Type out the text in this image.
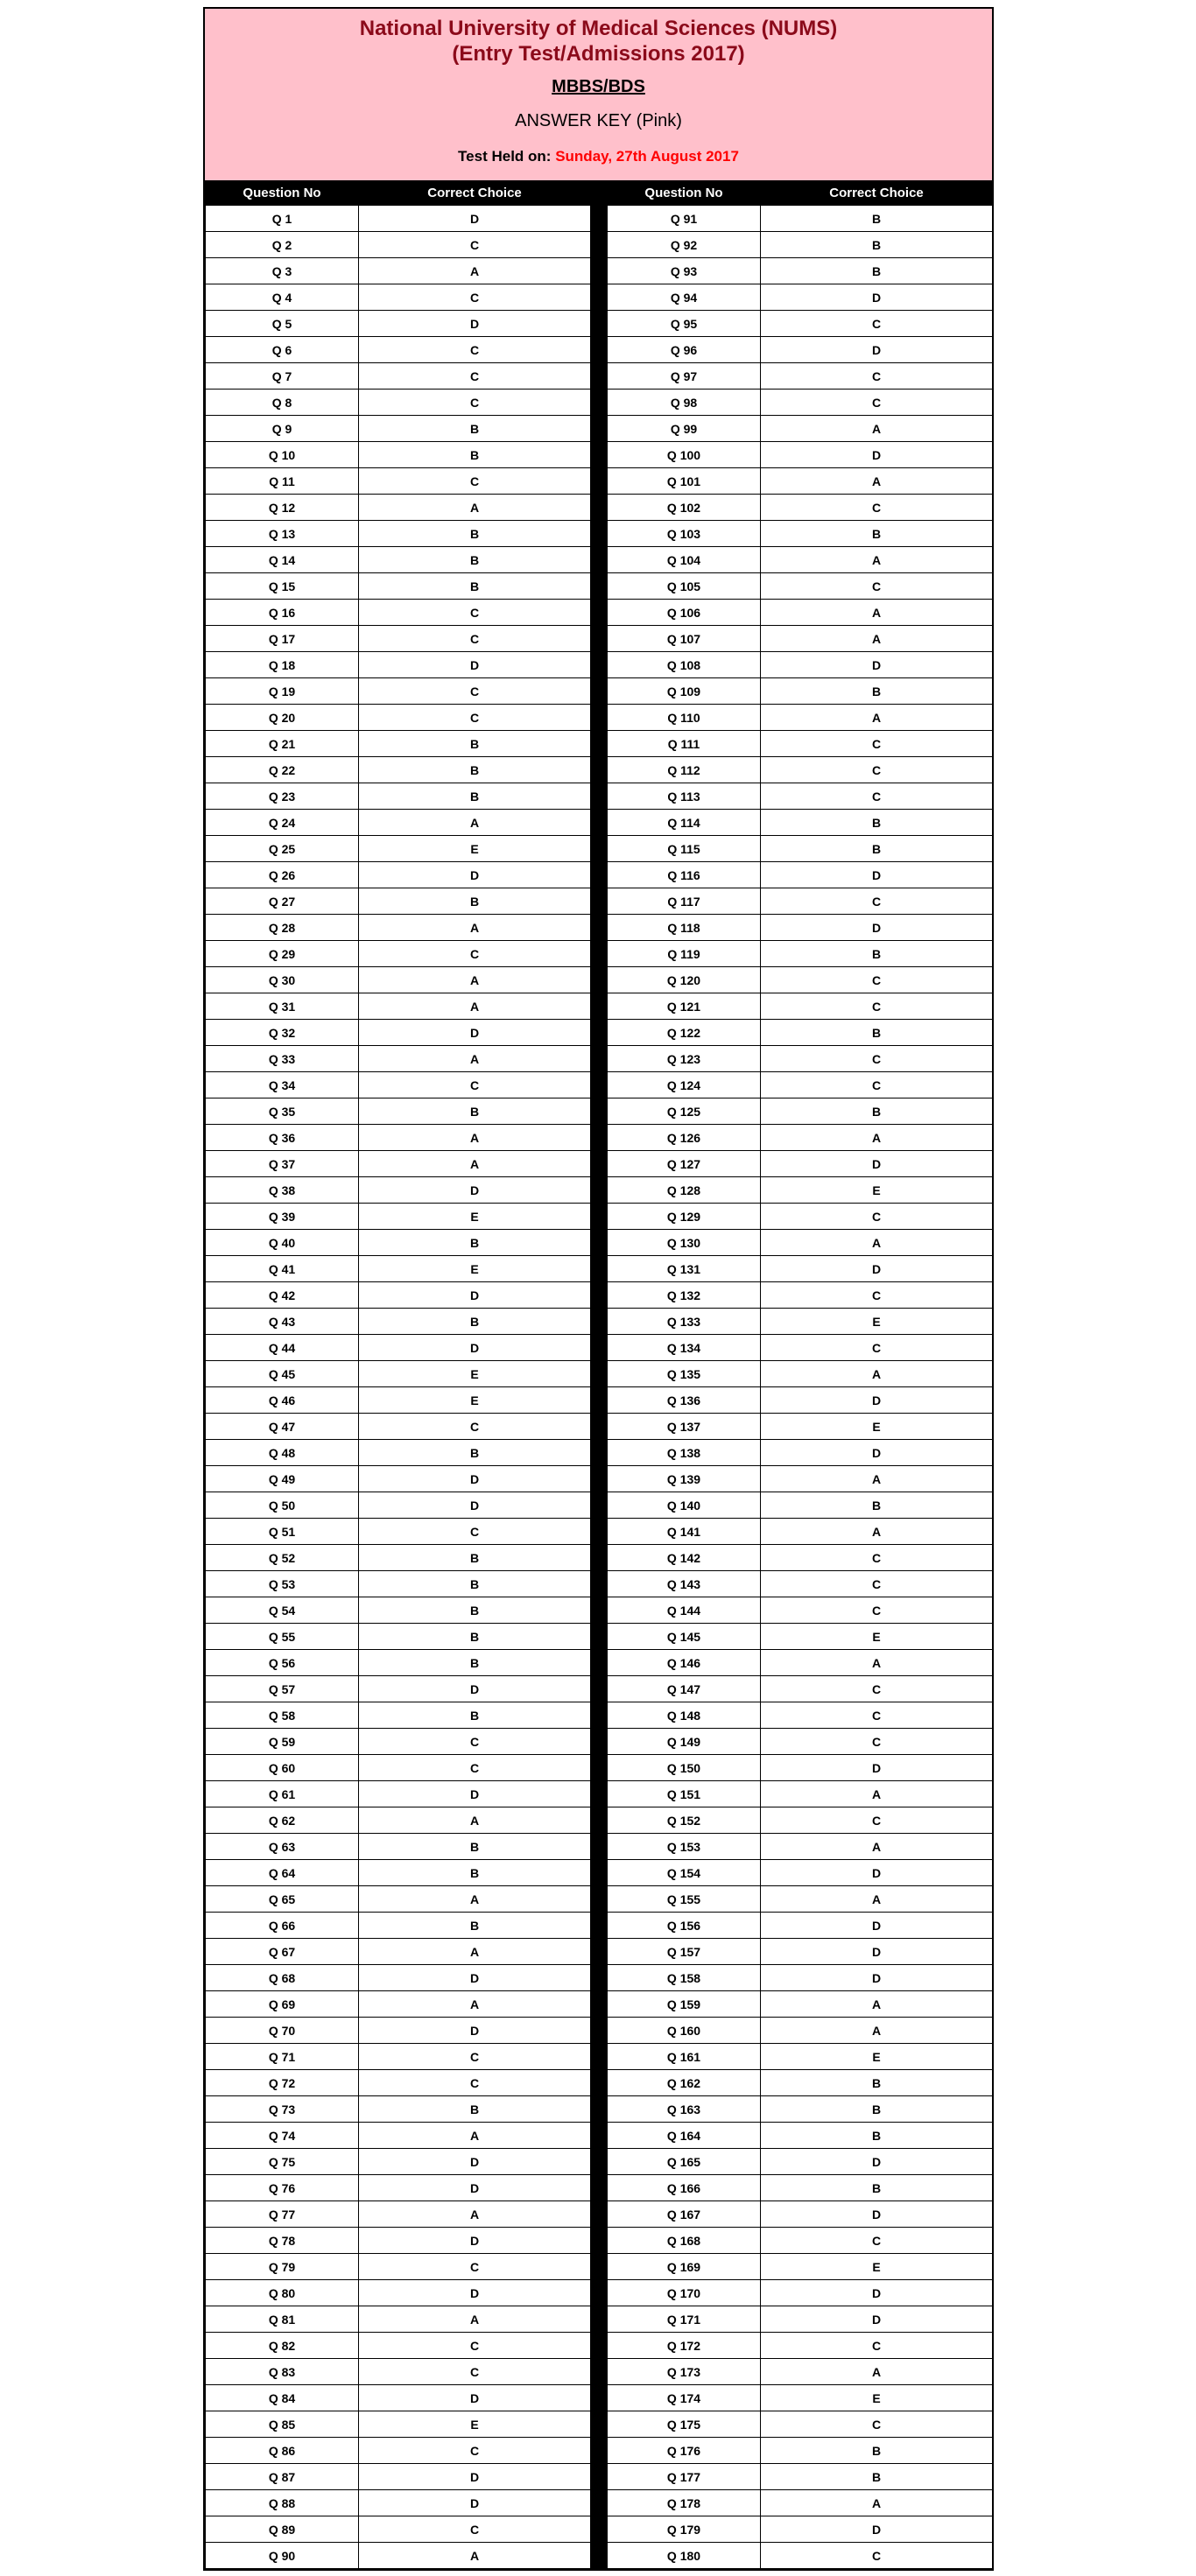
National University of Medical Sciences (NUMS)
(Entry Test/Admissions 2017)
MBBS/BDS
ANSWER KEY (Pink)
Test Held on: Sunday, 27th August 2017
Question No	Correct Choice		Question No	Correct Choice
Q 1	D		Q 91	B
Q 2	C		Q 92	B
Q 3	A		Q 93	B
Q 4	C		Q 94	D
Q 5	D		Q 95	C
Q 6	C		Q 96	D
Q 7	C		Q 97	C
Q 8	C		Q 98	C
Q 9	B		Q 99	A
Q 10	B		Q 100	D
Q 11	C		Q 101	A
Q 12	A		Q 102	C
Q 13	B		Q 103	B
Q 14	B		Q 104	A
Q 15	B		Q 105	C
Q 16	C		Q 106	A
Q 17	C		Q 107	A
Q 18	D		Q 108	D
Q 19	C		Q 109	B
Q 20	C		Q 110	A
Q 21	B		Q 111	C
Q 22	B		Q 112	C
Q 23	B		Q 113	C
Q 24	A		Q 114	B
Q 25	E		Q 115	B
Q 26	D		Q 116	D
Q 27	B		Q 117	C
Q 28	A		Q 118	D
Q 29	C		Q 119	B
Q 30	A		Q 120	C
Q 31	A		Q 121	C
Q 32	D		Q 122	B
Q 33	A		Q 123	C
Q 34	C		Q 124	C
Q 35	B		Q 125	B
Q 36	A		Q 126	A
Q 37	A		Q 127	D
Q 38	D		Q 128	E
Q 39	E		Q 129	C
Q 40	B		Q 130	A
Q 41	E		Q 131	D
Q 42	D		Q 132	C
Q 43	B		Q 133	E
Q 44	D		Q 134	C
Q 45	E		Q 135	A
Q 46	E		Q 136	D
Q 47	C		Q 137	E
Q 48	B		Q 138	D
Q 49	D		Q 139	A
Q 50	D		Q 140	B
Q 51	C		Q 141	A
Q 52	B		Q 142	C
Q 53	B		Q 143	C
Q 54	B		Q 144	C
Q 55	B		Q 145	E
Q 56	B		Q 146	A
Q 57	D		Q 147	C
Q 58	B		Q 148	C
Q 59	C		Q 149	C
Q 60	C		Q 150	D
Q 61	D		Q 151	A
Q 62	A		Q 152	C
Q 63	B		Q 153	A
Q 64	B		Q 154	D
Q 65	A		Q 155	A
Q 66	B		Q 156	D
Q 67	A		Q 157	D
Q 68	D		Q 158	D
Q 69	A		Q 159	A
Q 70	D		Q 160	A
Q 71	C		Q 161	E
Q 72	C		Q 162	B
Q 73	B		Q 163	B
Q 74	A		Q 164	B
Q 75	D		Q 165	D
Q 76	D		Q 166	B
Q 77	A		Q 167	D
Q 78	D		Q 168	C
Q 79	C		Q 169	E
Q 80	D		Q 170	D
Q 81	A		Q 171	D
Q 82	C		Q 172	C
Q 83	C		Q 173	A
Q 84	D		Q 174	E
Q 85	E		Q 175	C
Q 86	C		Q 176	B
Q 87	D		Q 177	B
Q 88	D		Q 178	A
Q 89	C		Q 179	D
Q 90	A		Q 180	C
